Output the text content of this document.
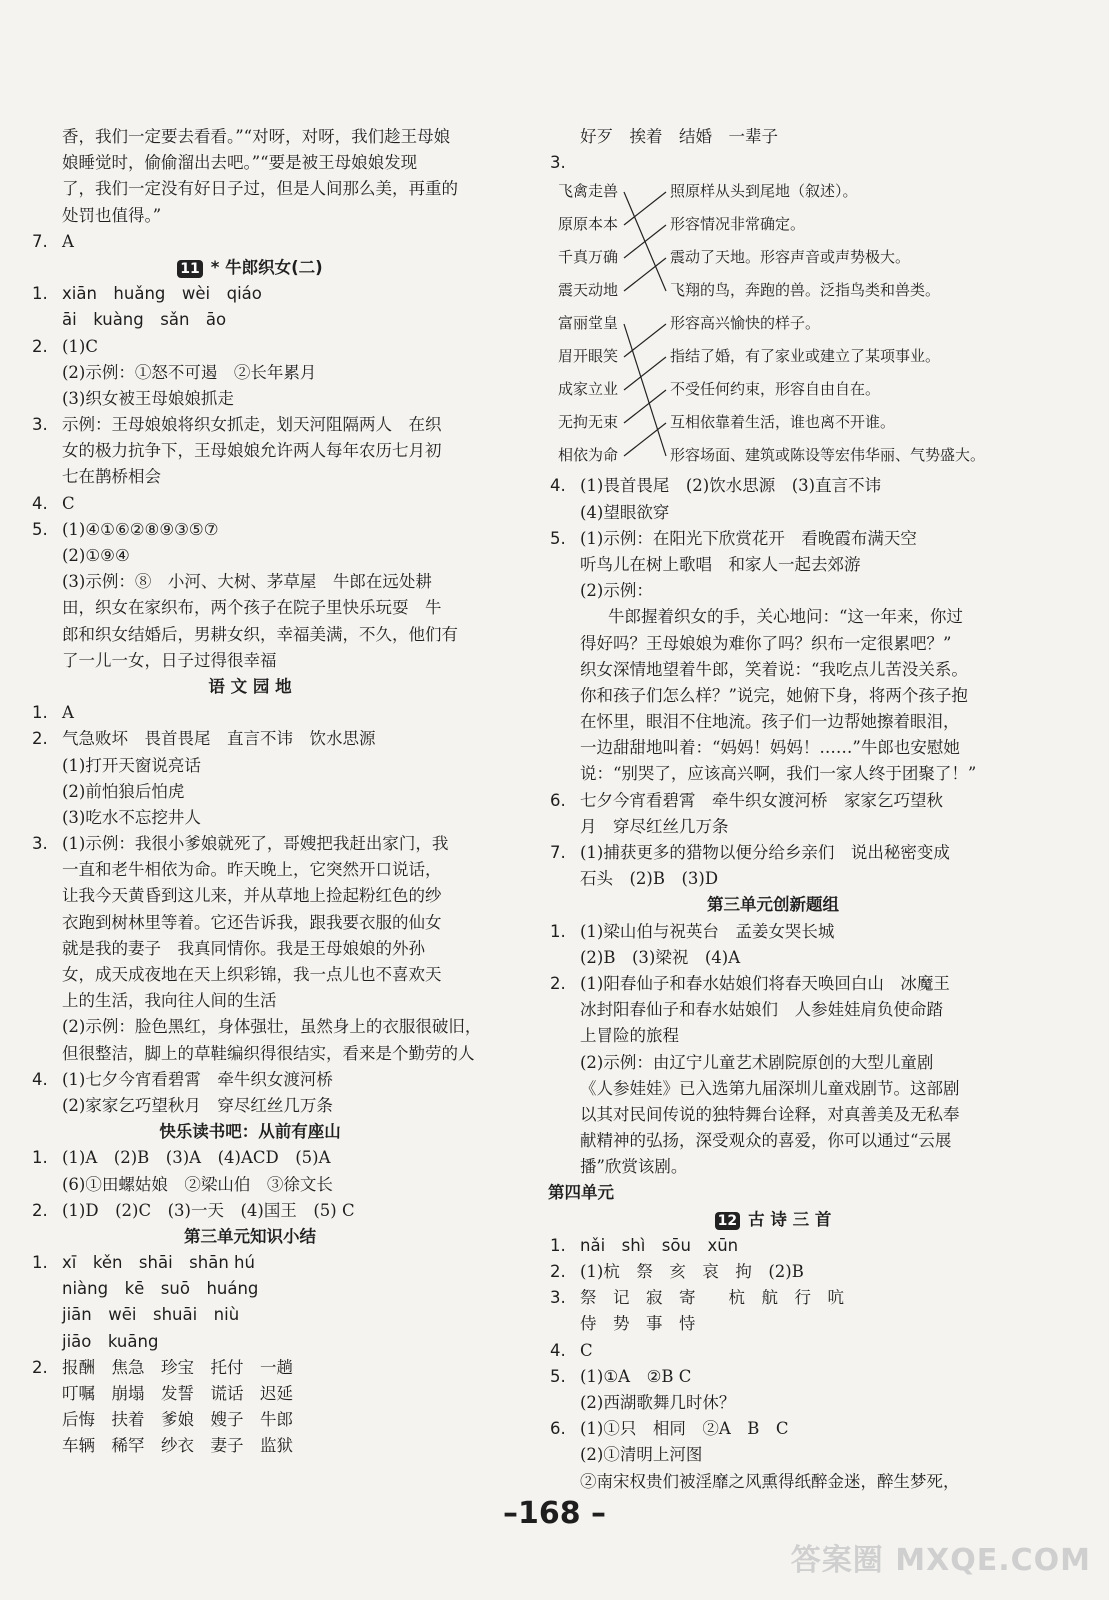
香，我们一定要去看看。”“对呀，对呀，我们趁王母娘
娘睡觉时，偷偷溜出去吧。”“要是被王母娘娘发现
了，我们一定没有好日子过，但是人间那么美，再重的
处罚也值得。”
7. A
11 * 牛郎织女(二)
1. xiān　huǎng　wèi　qiáo
āi　kuàng　sǎn　āo
2. (1)C
(2)示例：①怒不可遏　②长年累月
(3)织女被王母娘娘抓走
3. 示例：王母娘娘将织女抓走，划天河阻隔两人　在织
女的极力抗争下，王母娘娘允许两人每年农历七月初
七在鹊桥相会
4. C
5. (1)④①⑥②⑧⑨③⑤⑦
(2)①⑨④
(3)示例：⑧　小河、大树、茅草屋　牛郎在远处耕
田，织女在家织布，两个孩子在院子里快乐玩耍　牛
郎和织女结婚后，男耕女织，幸福美满，不久，他们有
了一儿一女，日子过得很幸福
语 文 园 地
1. A
2. 气急败坏　畏首畏尾　直言不讳　饮水思源
(1)打开天窗说亮话
(2)前怕狼后怕虎
(3)吃水不忘挖井人
3. (1)示例：我很小爹娘就死了，哥嫂把我赶出家门，我
一直和老牛相依为命。昨天晚上，它突然开口说话，
让我今天黄昏到这儿来，并从草地上捡起粉红色的纱
衣跑到树林里等着。它还告诉我，跟我要衣服的仙女
就是我的妻子　我真同情你。我是王母娘娘的外孙
女，成天成夜地在天上织彩锦，我一点儿也不喜欢天
上的生活，我向往人间的生活
(2)示例：脸色黑红，身体强壮，虽然身上的衣服很破旧，
但很整洁，脚上的草鞋编织得很结实，看来是个勤劳的人
4. (1)七夕今宵看碧霄　牵牛织女渡河桥
(2)家家乞巧望秋月　穿尽红丝几万条
快乐读书吧：从前有座山
1. (1)A　(2)B　(3)A　(4)ACD　(5)A
(6)①田螺姑娘　②梁山伯　③徐文长
2. (1)D　(2)C　(3)一天　(4)国王　(5) C
第三单元知识小结
1. xī　kěn　shāi　shān hú
niàng　kē　suō　huáng
jiān　wēi　shuāi　niù
jiāo　kuāng
2. 报酬　焦急　珍宝　托付　一趟
叮嘱　崩塌　发誓　谎话　迟延
后悔　扶着　爹娘　嫂子　牛郎
车辆　稀罕　纱衣　妻子　监狱
好歹　挨着　结婚　一辈子
3.
飞禽走兽
原原本本
千真万确
震天动地
富丽堂皇
眉开眼笑
成家立业
无拘无束
相依为命
照原样从头到尾地（叙述）。
形容情况非常确定。
震动了天地。形容声音或声势极大。
飞翔的鸟，奔跑的兽。泛指鸟类和兽类。
形容高兴愉快的样子。
指结了婚，有了家业或建立了某项事业。
不受任何约束，形容自由自在。
互相依靠着生活，谁也离不开谁。
形容场面、建筑或陈设等宏伟华丽、气势盛大。
4. (1)畏首畏尾　(2)饮水思源　(3)直言不讳
(4)望眼欲穿
5. (1)示例：在阳光下欣赏花开　看晚霞布满天空
听鸟儿在树上歌唱　和家人一起去郊游
(2)示例：
牛郎握着织女的手，关心地问：“这一年来，你过
得好吗？王母娘娘为难你了吗？织布一定很累吧？”
织女深情地望着牛郎，笑着说：“我吃点儿苦没关系。
你和孩子们怎么样？”说完，她俯下身，将两个孩子抱
在怀里，眼泪不住地流。孩子们一边帮她擦着眼泪，
一边甜甜地叫着：“妈妈！妈妈！……”牛郎也安慰她
说：“别哭了，应该高兴啊，我们一家人终于团聚了！”
6. 七夕今宵看碧霄　牵牛织女渡河桥　家家乞巧望秋
月　穿尽红丝几万条
7. (1)捕获更多的猎物以便分给乡亲们　说出秘密变成
石头　(2)B　(3)D
第三单元创新题组
1. (1)梁山伯与祝英台　孟姜女哭长城
(2)B　(3)梁祝　(4)A
2. (1)阳春仙子和春水姑娘们将春天唤回白山　冰魔王
冰封阳春仙子和春水姑娘们　人参娃娃肩负使命踏
上冒险的旅程
(2)示例：由辽宁儿童艺术剧院原创的大型儿童剧
《人参娃娃》已入选第九届深圳儿童戏剧节。这部剧
以其对民间传说的独特舞台诠释，对真善美及无私奉
献精神的弘扬，深受观众的喜爱，你可以通过“云展
播”欣赏该剧。
第四单元
12 古 诗 三 首
1. nǎi　shì　sōu　xūn
2. (1)杭　祭　亥　哀　拘　(2)B
3. 祭　记　寂　寄　　杭　航　行　吭
侍　势　事　恃
4. C
5. (1)①A　②B C
(2)西湖歌舞几时休？
6. (1)①只　相同　②A　B　C
(2)①清明上河图
②南宋权贵们被淫靡之风熏得纸醉金迷，醉生梦死，
–168 –
答案圈 MXQE.COM
